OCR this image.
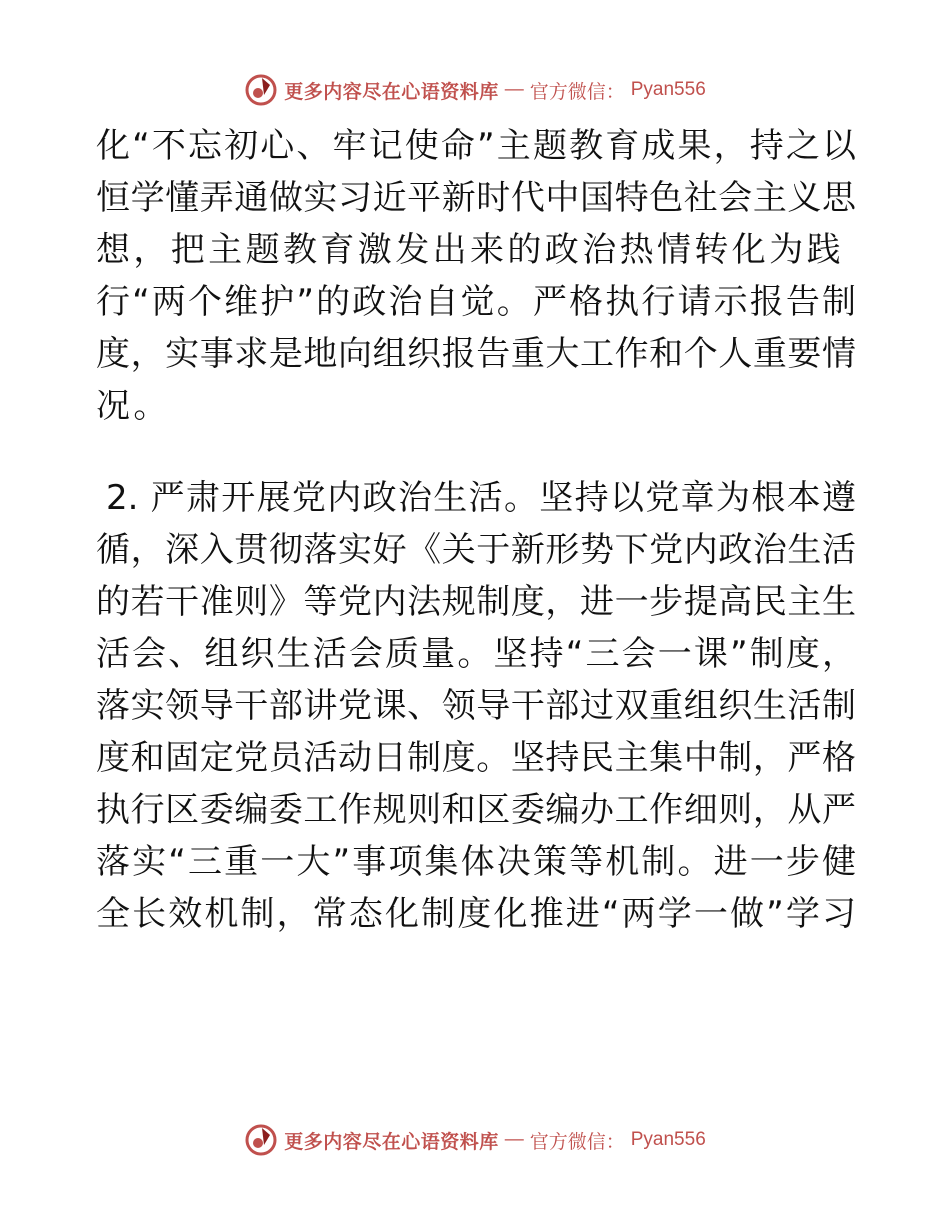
更多内容尽在心语资料库 — 官方微信： Pyan556
化“不忘初心、牢记使命”主题教育成果，持之以
恒学懂弄通做实习近平新时代中国特色社会主义思
想，把主题教育激发出来的政治热情转化为践
行“两个维护”的政治自觉。严格执行请示报告制
度，实事求是地向组织报告重大工作和个人重要情
况。
2. 严肃开展党内政治生活。坚持以党章为根本遵
循，深入贯彻落实好《关于新形势下党内政治生活
的若干准则》等党内法规制度，进一步提高民主生
活会、组织生活会质量。坚持“三会一课”制度，
落实领导干部讲党课、领导干部过双重组织生活制
度和固定党员活动日制度。坚持民主集中制，严格
执行区委编委工作规则和区委编办工作细则，从严
落实“三重一大”事项集体决策等机制。进一步健
全长效机制，常态化制度化推进“两学一做”学习
更多内容尽在心语资料库 — 官方微信： Pyan556
